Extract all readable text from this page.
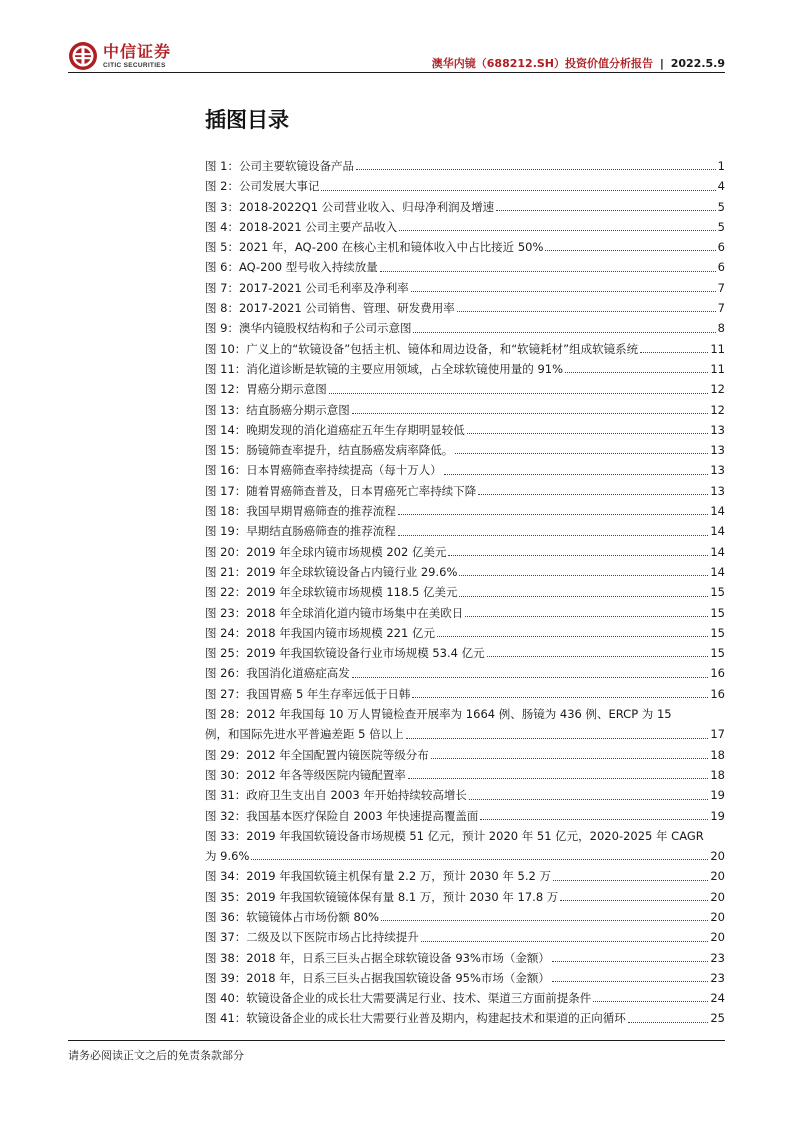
中信证券
CITIC SECURITIES	澳华内镜（688212.SH）投资价值分析报告 | 2022.5.9
插图目录
图 1：公司主要软镜设备产品	1
图 2：公司发展大事记	4
图 3：2018-2022Q1 公司营业收入、归母净利润及增速	5
图 4：2018-2021 公司主要产品收入	5
图 5：2021 年，AQ-200 在核心主机和镜体收入中占比接近 50%	6
图 6：AQ-200 型号收入持续放量	6
图 7：2017-2021 公司毛利率及净利率	7
图 8：2017-2021 公司销售、管理、研发费用率	7
图 9：澳华内镜股权结构和子公司示意图	8
图 10：广义上的“软镜设备”包括主机、镜体和周边设备，和“软镜耗材”组成软镜系统	11
图 11：消化道诊断是软镜的主要应用领域，占全球软镜使用量的 91%	11
图 12：胃癌分期示意图	12
图 13：结直肠癌分期示意图	12
图 14：晚期发现的消化道癌症五年生存期明显较低	13
图 15：肠镜筛查率提升，结直肠癌发病率降低。	13
图 16：日本胃癌筛查率持续提高（每十万人）	13
图 17：随着胃癌筛查普及，日本胃癌死亡率持续下降	13
图 18：我国早期胃癌筛查的推荐流程	14
图 19：早期结直肠癌筛查的推荐流程	14
图 20：2019 年全球内镜市场规模 202 亿美元	14
图 21：2019 年全球软镜设备占内镜行业 29.6%	14
图 22：2019 年全球软镜市场规模 118.5 亿美元	15
图 23：2018 年全球消化道内镜市场集中在美欧日	15
图 24：2018 年我国内镜市场规模 221 亿元	15
图 25：2019 年我国软镜设备行业市场规模 53.4 亿元	15
图 26：我国消化道癌症高发	16
图 27：我国胃癌 5 年生存率远低于日韩	16
图 28：2012 年我国每 10 万人胃镜检查开展率为 1664 例、肠镜为 436 例、ERCP 为 15
例，和国际先进水平普遍差距 5 倍以上	17
图 29：2012 年全国配置内镜医院等级分布	18
图 30：2012 年各等级医院内镜配置率	18
图 31：政府卫生支出自 2003 年开始持续较高增长	19
图 32：我国基本医疗保险自 2003 年快速提高覆盖面	19
图 33：2019 年我国软镜设备市场规模 51 亿元，预计 2020 年 51 亿元，2020-2025 年 CAGR
为 9.6%	20
图 34：2019 年我国软镜主机保有量 2.2 万，预计 2030 年 5.2 万	20
图 35：2019 年我国软镜镜体保有量 8.1 万，预计 2030 年 17.8 万	20
图 36：软镜镜体占市场份额 80%	20
图 37：二级及以下医院市场占比持续提升	20
图 38：2018 年，日系三巨头占据全球软镜设备 93%市场（金额）	23
图 39：2018 年，日系三巨头占据我国软镜设备 95%市场（金额）	23
图 40：软镜设备企业的成长壮大需要满足行业、技术、渠道三方面前提条件	24
图 41：软镜设备企业的成长壮大需要行业普及期内，构建起技术和渠道的正向循环	25
请务必阅读正文之后的免责条款部分
